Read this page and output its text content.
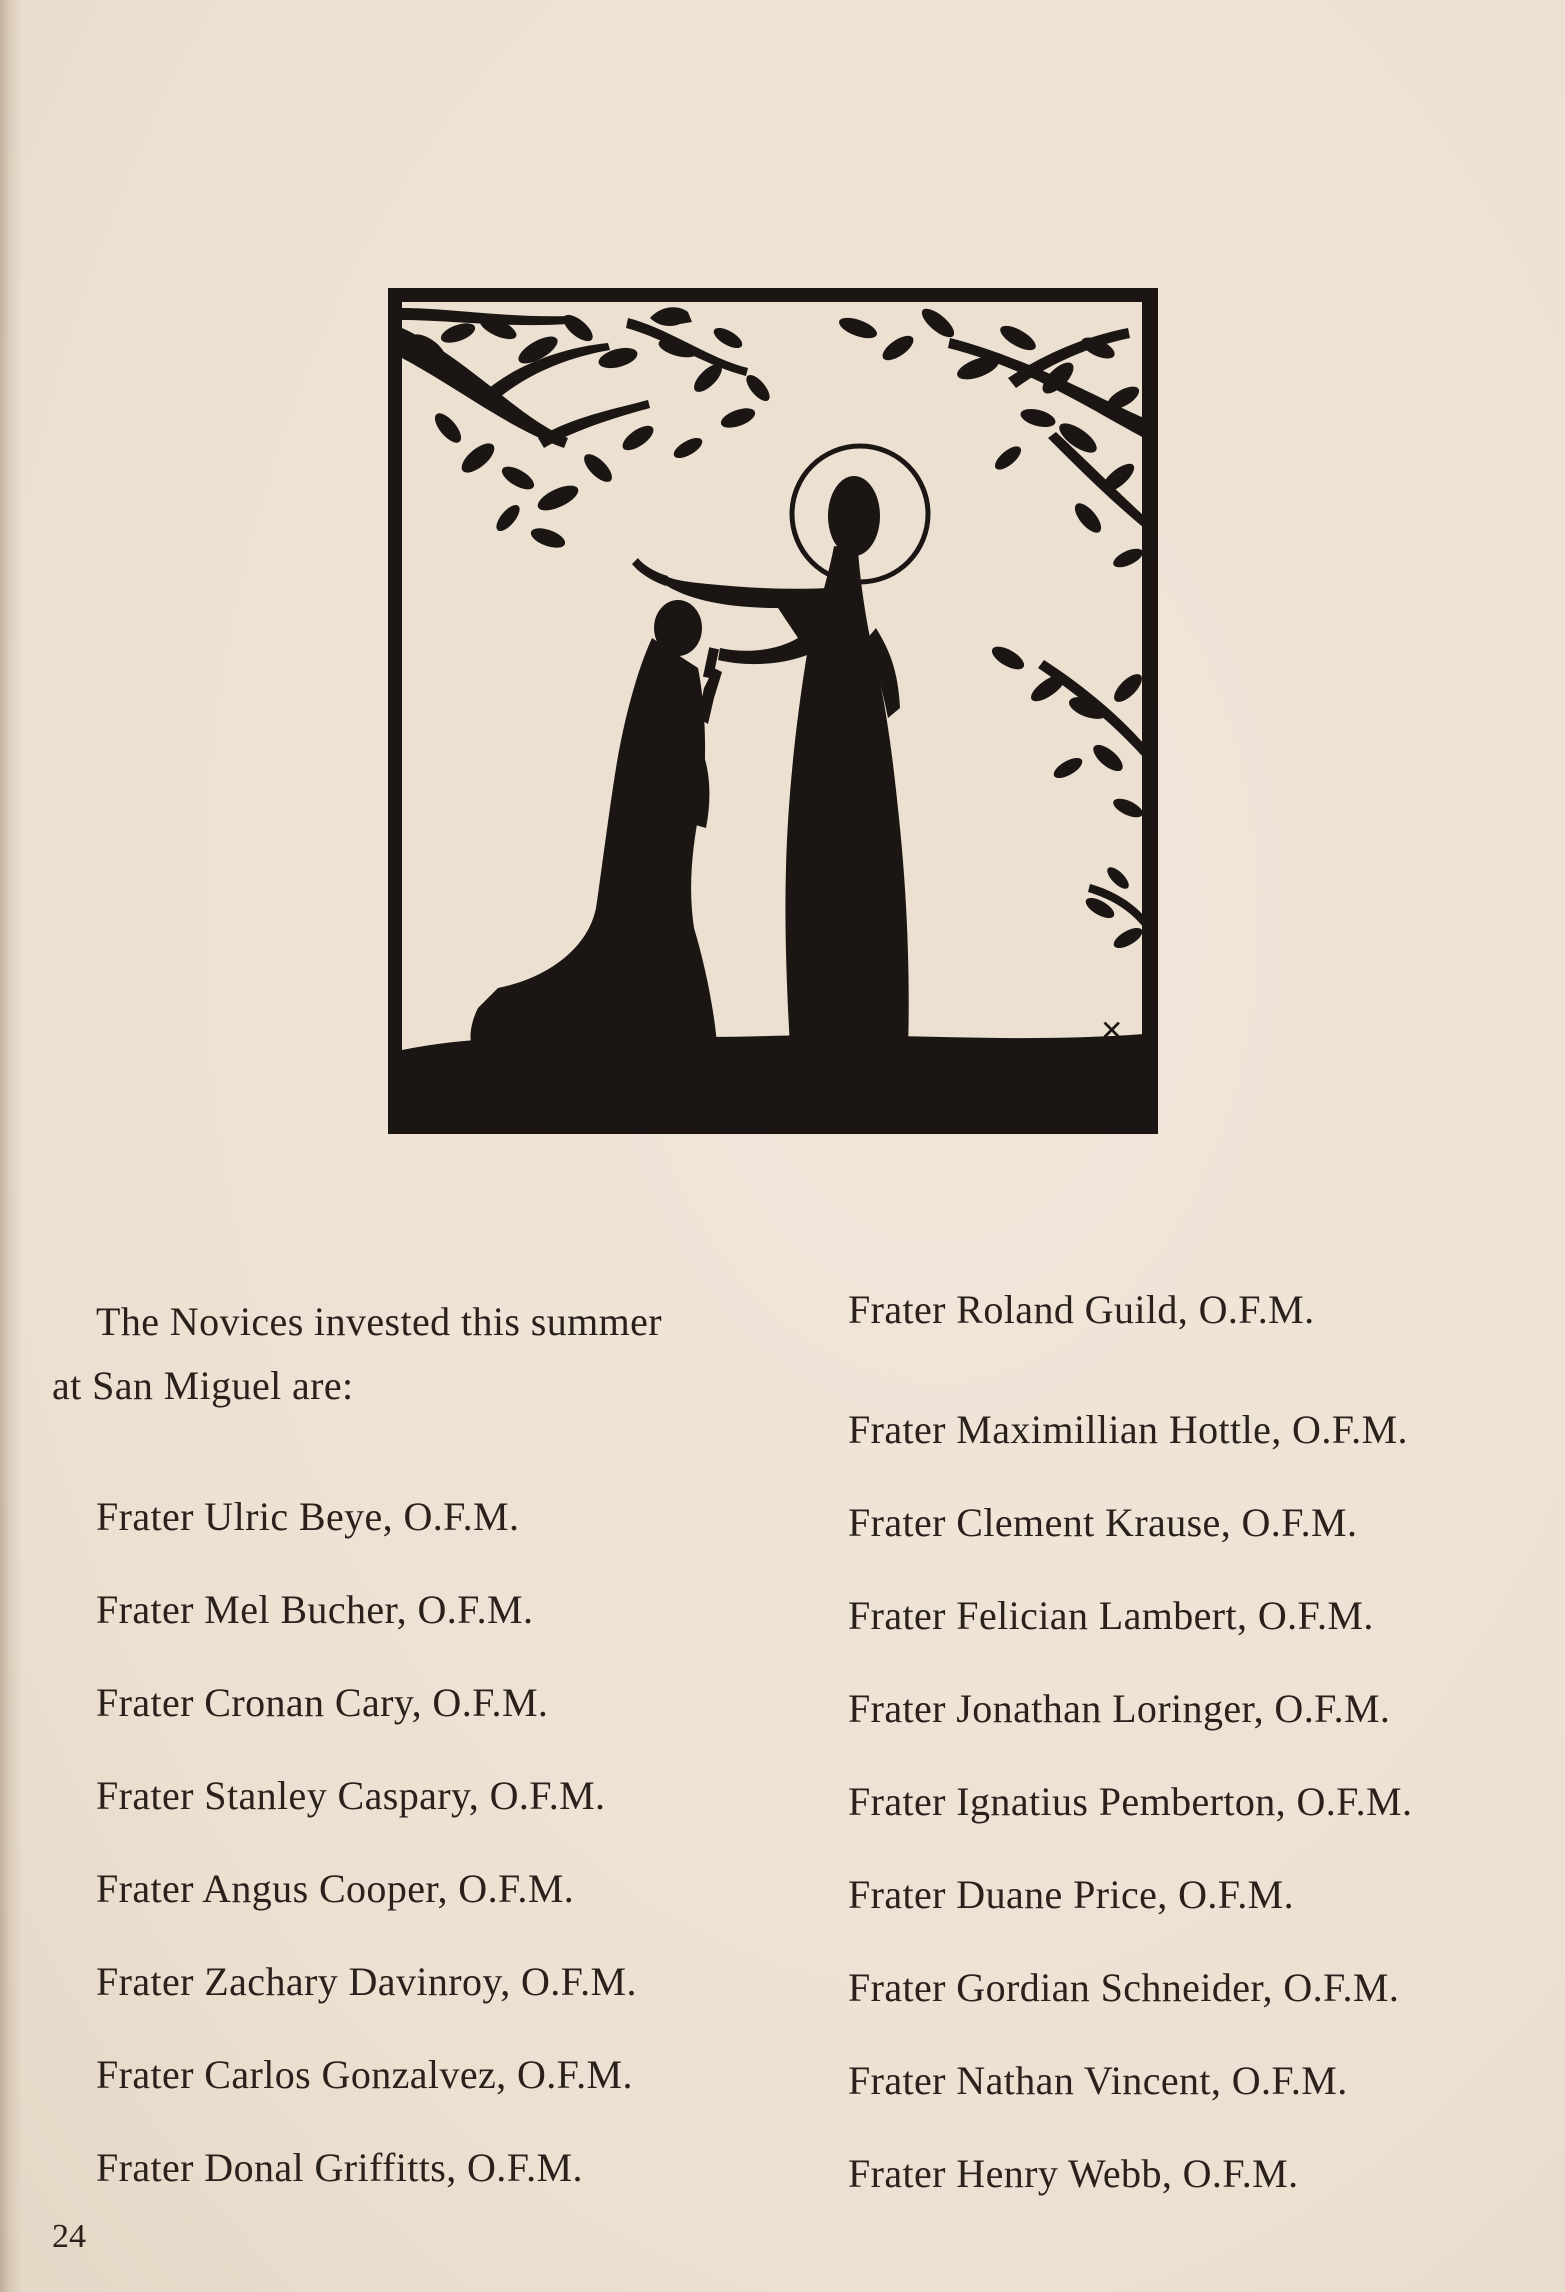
✕

The Novices invested this summer
at San Miguel are:

Frater Ulric Beye, O.F.M.
Frater Mel Bucher, O.F.M.
Frater Cronan Cary, O.F.M.
Frater Stanley Caspary, O.F.M.
Frater Angus Cooper, O.F.M.
Frater Zachary Davinroy, O.F.M.
Frater Carlos Gonzalvez, O.F.M.
Frater Donal Griffitts, O.F.M.
Frater Roland Guild, O.F.M.
Frater Maximillian Hottle, O.F.M.
Frater Clement Krause, O.F.M.
Frater Felician Lambert, O.F.M.
Frater Jonathan Loringer, O.F.M.
Frater Ignatius Pemberton, O.F.M.
Frater Duane Price, O.F.M.
Frater Gordian Schneider, O.F.M.
Frater Nathan Vincent, O.F.M.
Frater Henry Webb, O.F.M.
24
